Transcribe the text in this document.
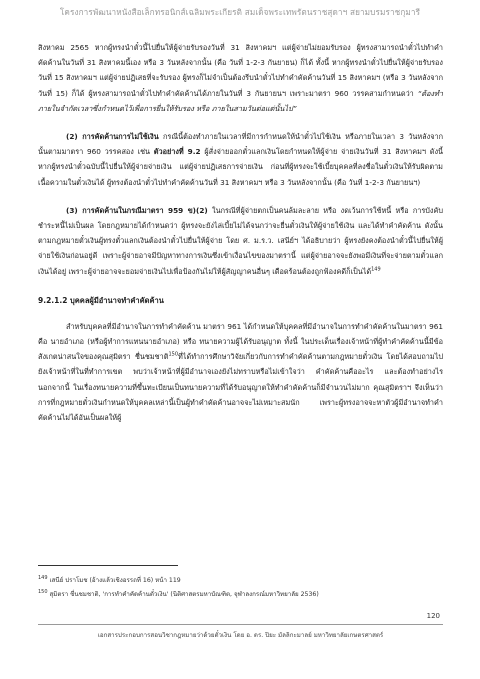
โครงการพัฒนาหนังสือเล็กทรอนิกส์เฉลิมพระเกียรติ สมเด็จพระเทพรัตนราชสุดาฯ สยามบรมราชกุมารี

สิงหาคม 2565 หากผู้ทรงนำตั๋วนี้ไปยื่นให้ผู้จ่ายรับรองวันที่ 31 สิงหาคมฯ แต่ผู้จ่ายไม่ยอมรับรอง ผู้ทรงสามารถนำตั๋วไปทำคำคัดค้านในวันที่ 31 สิงหาคมนี้เอง หรือ 3 วันหลังจากนั้น (คือ วันที่ 1-2-3 กันยายน) ก็ได้ ทั้งนี้ หากผู้ทรงนำตั๋วไปยื่นให้ผู้จ่ายรับรองวันที่ 15 สิงหาคมฯ แต่ผู้จ่ายปฏิเสธที่จะรับรอง ผู้ทรงก็ไม่จำเป็นต้องรีบนำตั๋วไปทำคำคัดค้านวันที่ 15 สิงหาคมฯ (หรือ 3 วันหลังจากวันที่ 15) ก็ได้ ผู้ทรงสามารถนำตั๋วไปทำคำคัดค้านได้ภายในวันที่ 3 กันยายนฯ เพราะมาตรา 960 วรรคสามกำหนดว่า “ต้องทำภายในจำกัดเวลาซึ่งกำหนดไว้เพื่อการยื่นให้รับรอง หรือ ภายในสามวันต่อแต่นั้นไป”

(2) การคัดค้านการไม่ใช้เงิน กรณีนี้ต้องทำภายในเวลาที่มีการกำหนดให้นำตั๋วไปใช้เงิน หรือภายในเวลา 3 วันหลังจากนั้นตามมาตรา 960 วรรคสอง เช่น ตัวอย่างที่ 9.2 ผู้สั่งจ่ายออกตั๋วแลกเงินโดยกำหนดให้ผู้จ่าย จ่ายเงินวันที่ 31 สิงหาคมฯ ดังนี้ หากผู้ทรงนำตั๋วฉบับนี้ไปยื่นให้ผู้จ่ายจ่ายเงิน แต่ผู้จ่ายปฏิเสธการจ่ายเงิน ก่อนที่ผู้ทรงจะใช้เบี้ยบุคคลที่ลงชื่อในตั๋วเงินให้รับผิดตามเนื้อความในตั๋วเงินได้ ผู้ทรงต้องนำตั๋วไปทำคำคัดค้านวันที่ 31 สิงหาคมฯ หรือ 3 วันหลังจากนั้น (คือ วันที่ 1-2-3 กันยายนฯ)

(3) การคัดค้านในกรณีมาตรา 959 ข)(2) ในกรณีที่ผู้จ่ายตกเป็นคนล้มละลาย หรือ งดเว้นการใช้หนี้ หรือ การบังคับชำระหนี้ไม่เป็นผล โดยกฎหมายได้กำหนดว่า ผู้ทรงจะยังไล่เบี้ยไม่ได้จนกว่าจะยื่นตั๋วเงินให้ผู้จ่ายใช้เงิน และได้ทำคำคัดค้าน ดังนั้น ตามกฎหมายตั๋วเงินผู้ทรงตั๋วแลกเงินต้องนำตั๋วไปยื่นให้ผู้จ่าย โดย ศ. ม.ร.ว. เสนีย์ฯ ได้อธิบายว่า ผู้ทรงยังคงต้องนำตั๋วนี้ไปยื่นให้ผู้จ่ายใช้เงินก่อนอยู่ดี เพราะผู้จ่ายอาจมีปัญหาทางการเงินซึ่งเข้าเงื่อนไขของมาตรานี้ แต่ผู้จ่ายอาจจะยังพอมีเงินที่จะจ่ายตามตั๋วแลกเงินได้อยู่ เพราะผู้จ่ายอาจจะยอมจ่ายเงินไปเพื่อป้องกันไม่ให้ผู้สัญญาคนอื่นๆ เดือดร้อนต้องถูกฟ้องคดีก็เป็นได้$^{149}$

9.2.1.2 บุคคลผู้มีอำนาจทำคำคัดค้าน

สำหรับบุคคลที่มีอำนาจในการทำคำคัดค้าน มาตรา 961 ได้กำหนดให้บุคคลที่มีอำนาจในการทำคำคัดค้านในมาตรา 961 คือ นายอำเภอ (หรือผู้ทำการแทนนายอำเภอ) หรือ ทนายความผู้ได้รับอนุญาต ทั้งนี้ ในประเด็นเรื่องเจ้าหน้าที่ผู้ทำคำคัดค้านนี้มีข้อสังเกตน่าสนใจของคุณสุมิตรา ชื่นชมชาติ$^{150}$ที่ได้ทำการศึกษาวิจัยเกี่ยวกับการทำคำคัดค้านตามกฎหมายตั๋วเงิน โดยได้สอบถามไปยังเจ้าหน้าที่ในที่ทำการเขต พบว่าเจ้าหน้าที่ผู้มีอำนาจเองยังไม่ทราบหรือไม่เข้าใจว่า คำคัดค้านคืออะไร และต้องทำอย่างไร นอกจากนี้ ในเรื่องทนายความที่ขึ้นทะเบียนเป็นทนายความที่ได้รับอนุญาตให้ทำคำคัดค้านก็มีจำนวนไม่มาก คุณสุมิตราฯ จึงเห็นว่า การที่กฎหมายตั๋วเงินกำหนดให้บุคคลเหล่านี้เป็นผู้ทำคำคัดค้านอาจจะไม่เหมาะสมนัก เพราะผู้ทรงอาจจะหาตัวผู้มีอำนาจทำคำคัดค้านไม่ได้อันเป็นผลให้ผู้

$^{149}$ เสนีย์ ปราโมช (อ้างแล้วเชิงอรรถที่ 16) หน้า 119
$^{150}$ สุมิตรา ชื่นชมชาติ, 'การทำคำคัดค้านตั๋วเงิน' (นิติศาสตรมหาบัณฑิต, จุฬาลงกรณ์มหาวิทยาลัย 2536)
120
เอกสารประกอบการสอนวิชากฎหมายว่าด้วยตั๋วเงิน โดย อ. ดร. ปิยะ มัลลิกะมาลย์ มหาวิทยาลัยเกษตรศาสตร์
